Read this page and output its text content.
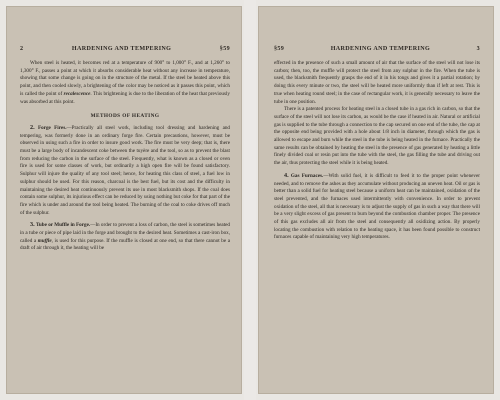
2	HARDENING AND TEMPERING	§59

When steel is heated, it becomes red at a temperature of 900° to 1,000° F., and at 1,260° to 1,300° F., passes a point at which it absorbs considerable heat without any increase in temperature, showing that some change is going on in the structure of the metal. If the steel be heated above this point, and then cooled slowly, a brightening of the color may be noticed as it passes this point, which is called the point of recalescence. This brightening is due to the liberation of the heat that previously was absorbed at this point.

METHODS OF HEATING

2. Forge Fires.—Practically all steel work, including tool dressing and hardening and tempering, was formerly done in an ordinary forge fire. Certain precautions, however, must be observed in using such a fire in order to insure good work. The fire must be very deep; that is, there must be a large body of incandescent coke between the tuyère and the tool, so as to prevent the blast from reducing the carbon in the surface of the steel. Frequently, what is known as a closed or oven fire is used for some classes of work, but ordinarily a high open fire will be found satisfactory. Sulphur will injure the quality of any tool steel; hence, for heating this class of steel, a fuel low in sulphur should be used. For this reason, charcoal is the best fuel, but its cost and the difficulty in maintaining the desired heat continuously prevent its use in most blacksmith shops. If the coal does contain some sulphur, its injurious effect can be reduced by using nothing but coke for that part of the fire which is under and around the tool being heated. The burning of the coal to coke drives off much of the sulphur.

3. Tube or Muffle in Forge.—In order to prevent a loss of carbon, the steel is sometimes heated in a tube or piece of pipe laid in the forge and brought to the desired heat. Sometimes a cast-iron box, called a muffle, is used for this purpose. If the muffle is closed at one end, so that there cannot be a draft of air through it, the heating will be

§59	HARDENING AND TEMPERING	3

effected in the presence of such a small amount of air that the surface of the steel will not lose its carbon; then, too, the muffle will protect the steel from any sulphur in the fire. When the tube is used, the blacksmith frequently grasps the end of it in his tongs and gives it a partial rotation; by doing this every minute or two, the steel will be heated more uniformly than if left at rest. This is true when heating round steel; in the case of rectangular work, it is generally necessary to leave the tube in one position.

There is a patented process for heating steel in a closed tube in a gas rich in carbon, so that the surface of the steel will not lose its carbon, as would be the case if heated in air. Natural or artificial gas is supplied to the tube through a connection to the cap secured on one end of the tube, the cap at the opposite end being provided with a hole about 1/8 inch in diameter, through which the gas is allowed to escape and burn while the steel in the tube is being heated in the furnace. Practically the same results can be obtained by heating the steel in the presence of gas generated by heating a little finely divided coal or resin put into the tube with the steel, the gas filling the tube and driving out the air, thus protecting the steel while it is being heated.

4. Gas Furnaces.—With solid fuel, it is difficult to feed it to the proper point whenever needed, and to remove the ashes as they accumulate without producing an uneven heat. Oil or gas is better than a solid fuel for heating steel because a uniform heat can be maintained, oxidation of the steel prevented, and the furnaces used intermittently with convenience. In order to prevent oxidation of the steel, all that is necessary is to adjust the supply of gas in such a way that there will be a very slight excess of gas present to burn beyond the combustion chamber proper. The presence of this gas excludes all air from the steel and consequently all oxidizing action. By properly locating the combustion with relation to the heating space, it has been found possible to construct furnaces capable of maintaining very high temperatures.
